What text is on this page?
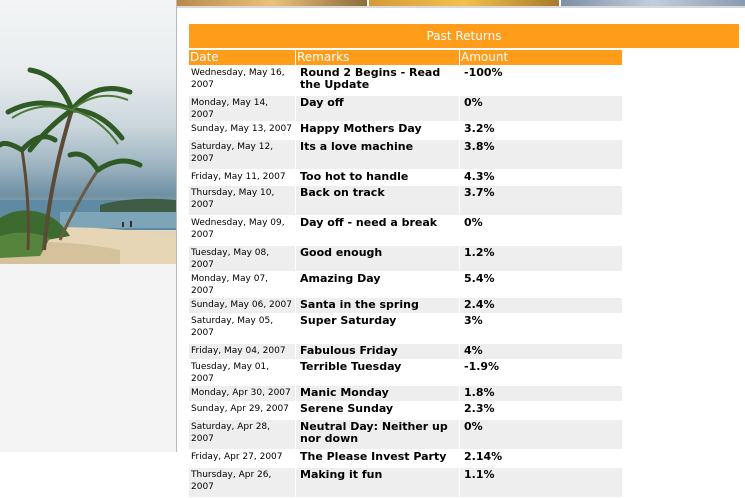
Past Returns
Date	Remarks	Amount
Wednesday, May 16, 2007	Round 2 Begins - Read the Update	-100%
Monday, May 14, 2007	Day off	0%
Sunday, May 13, 2007	Happy Mothers Day	3.2%
Saturday, May 12, 2007	Its a love machine	3.8%
Friday, May 11, 2007	Too hot to handle	4.3%
Thursday, May 10, 2007	Back on track	3.7%
Wednesday, May 09, 2007	Day off - need a break	0%
Tuesday, May 08, 2007	Good enough	1.2%
Monday, May 07, 2007	Amazing Day	5.4%
Sunday, May 06, 2007	Santa in the spring	2.4%
Saturday, May 05, 2007	Super Saturday	3%
Friday, May 04, 2007	Fabulous Friday	4%
Tuesday, May 01, 2007	Terrible Tuesday	-1.9%
Monday, Apr 30, 2007	Manic Monday	1.8%
Sunday, Apr 29, 2007	Serene Sunday	2.3%
Saturday, Apr 28, 2007	Neutral Day: Neither up nor down	0%
Friday, Apr 27, 2007	The Please Invest Party	2.14%
Thursday, Apr 26, 2007	Making it fun	1.1%
